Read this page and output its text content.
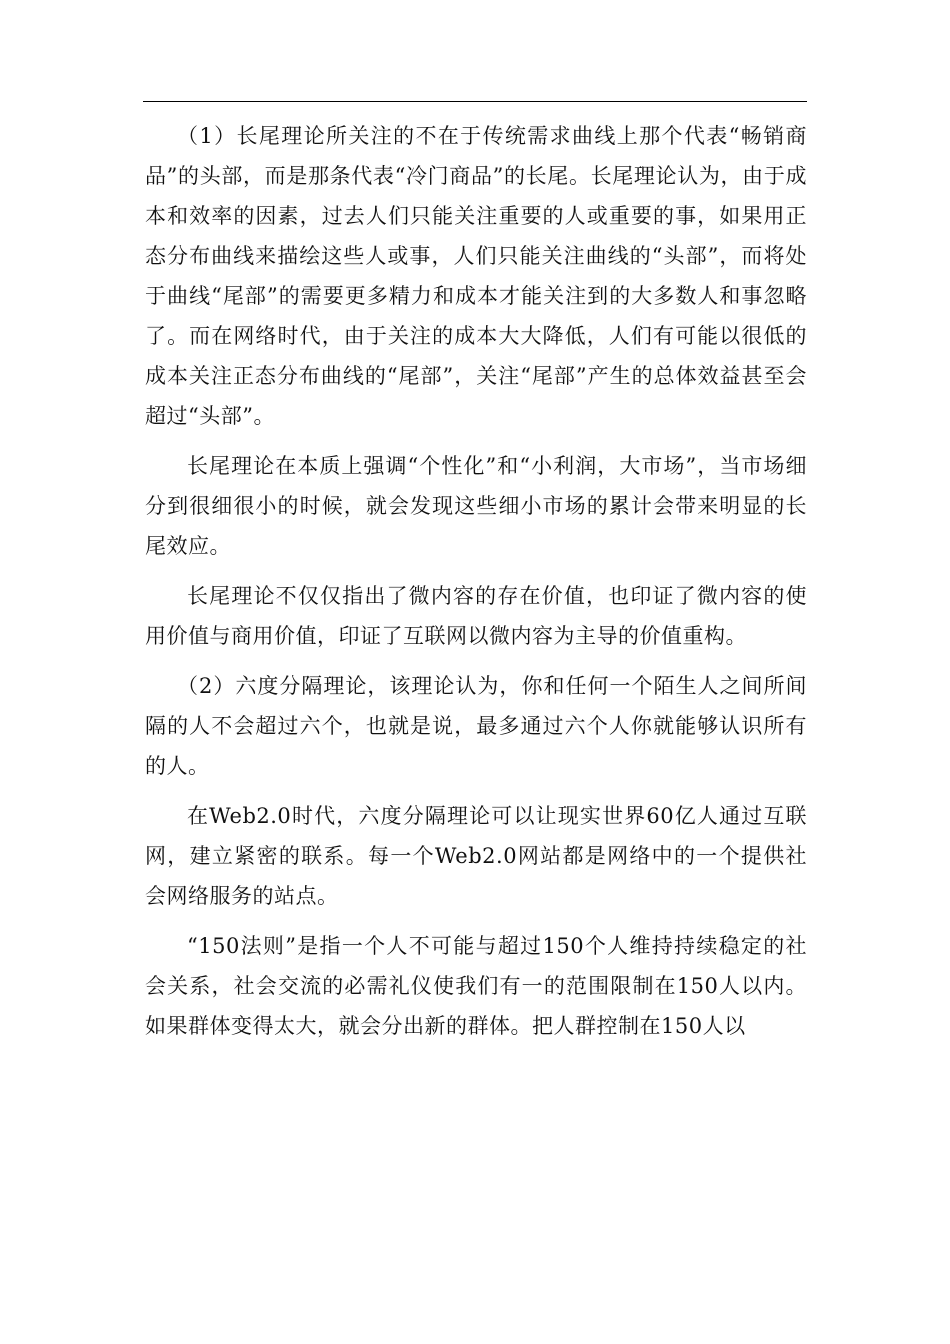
（1）长尾理论所关注的不在于传统需求曲线上那个代表“畅销商品”的头部，而是那条代表“冷门商品”的长尾。长尾理论认为，由于成本和效率的因素，过去人们只能关注重要的人或重要的事，如果用正态分布曲线来描绘这些人或事，人们只能关注曲线的“头部”，而将处于曲线“尾部”的需要更多精力和成本才能关注到的大多数人和事忽略了。而在网络时代，由于关注的成本大大降低，人们有可能以很低的成本关注正态分布曲线的“尾部”，关注“尾部”产生的总体效益甚至会超过“头部”。

长尾理论在本质上强调“个性化”和“小利润，大市场”，当市场细分到很细很小的时候，就会发现这些细小市场的累计会带来明显的长尾效应。

长尾理论不仅仅指出了微内容的存在价值，也印证了微内容的使用价值与商用价值，印证了互联网以微内容为主导的价值重构。

（2）六度分隔理论，该理论认为，你和任何一个陌生人之间所间隔的人不会超过六个，也就是说，最多通过六个人你就能够认识所有的人。

在Web2.0时代，六度分隔理论可以让现实世界60亿人通过互联网，建立紧密的联系。每一个Web2.0网站都是网络中的一个提供社会网络服务的站点。

“150法则”是指一个人不可能与超过150个人维持持续稳定的社会关系，社会交流的必需礼仪使我们有一的范围限制在150人以内。如果群体变得太大，就会分出新的群体。把人群控制在150人以
